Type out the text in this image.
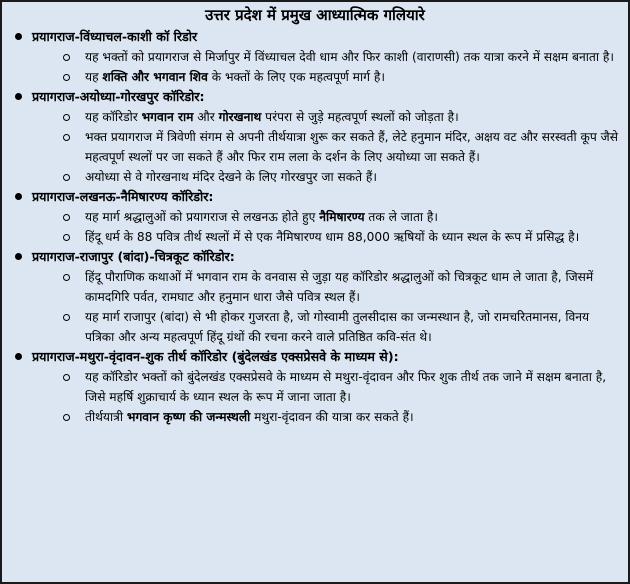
उत्तर प्रदेश में प्रमुख आध्यात्मिक गलियारे
प्रयागराज-विंध्याचल-काशी कॉ रिडोर
यह भक्तों को प्रयागराज से मिर्जापुर में विंध्याचल देवी धाम और फिर काशी (वाराणसी) तक यात्रा करने में सक्षम बनाता है।
यह शक्ति और भगवान शिव के भक्तों के लिए एक महत्वपूर्ण मार्ग है।
प्रयागराज-अयोध्या-गोरखपुर कॉरिडोर:
यह कॉरिडोर भगवान राम और गोरखनाथ परंपरा से जुड़े महत्वपूर्ण स्थलों को जोड़ता है।
भक्त प्रयागराज में त्रिवेणी संगम से अपनी तीर्थयात्रा शुरू कर सकते हैं, लेटे हनुमान मंदिर, अक्षय वट और सरस्वती कूप जैसे महत्वपूर्ण स्थलों पर जा सकते हैं और फिर राम लला के दर्शन के लिए अयोध्या जा सकते हैं।
अयोध्या से वे गोरखनाथ मंदिर देखने के लिए गोरखपुर जा सकते हैं।
प्रयागराज-लखनऊ-नैमिषारण्य कॉरिडोर:
यह मार्ग श्रद्धालुओं को प्रयागराज से लखनऊ होते हुए नैमिषारण्य तक ले जाता है।
हिंदू धर्म के 88 पवित्र तीर्थ स्थलों में से एक नैमिषारण्य धाम 88,000 ऋषियों के ध्यान स्थल के रूप में प्रसिद्ध है।
प्रयागराज-राजापुर (बांदा)-चित्रकूट कॉरिडोर:
हिंदू पौराणिक कथाओं में भगवान राम के वनवास से जुड़ा यह कॉरिडोर श्रद्धालुओं को चित्रकूट धाम ले जाता है, जिसमें कामदगिरि पर्वत, रामघाट और हनुमान धारा जैसे पवित्र स्थल हैं।
यह मार्ग राजापुर (बांदा) से भी होकर गुजरता है, जो गोस्वामी तुलसीदास का जन्मस्थान है, जो रामचरितमानस, विनय पत्रिका और अन्य महत्वपूर्ण हिंदू ग्रंथों की रचना करने वाले प्रतिष्ठित कवि-संत थे।
प्रयागराज-मथुरा-वृंदावन-शुक तीर्थ कॉरिडोर (बुंदेलखंड एक्सप्रेसवे के माध्यम से):
यह कॉरिडोर भक्तों को बुंदेलखंड एक्सप्रेसवे के माध्यम से मथुरा-वृंदावन और फिर शुक तीर्थ तक जाने में सक्षम बनाता है, जिसे महर्षि शुक्राचार्य के ध्यान स्थल के रूप में जाना जाता है।
तीर्थयात्री भगवान कृष्ण की जन्मस्थली मथुरा-वृंदावन की यात्रा कर सकते हैं।
